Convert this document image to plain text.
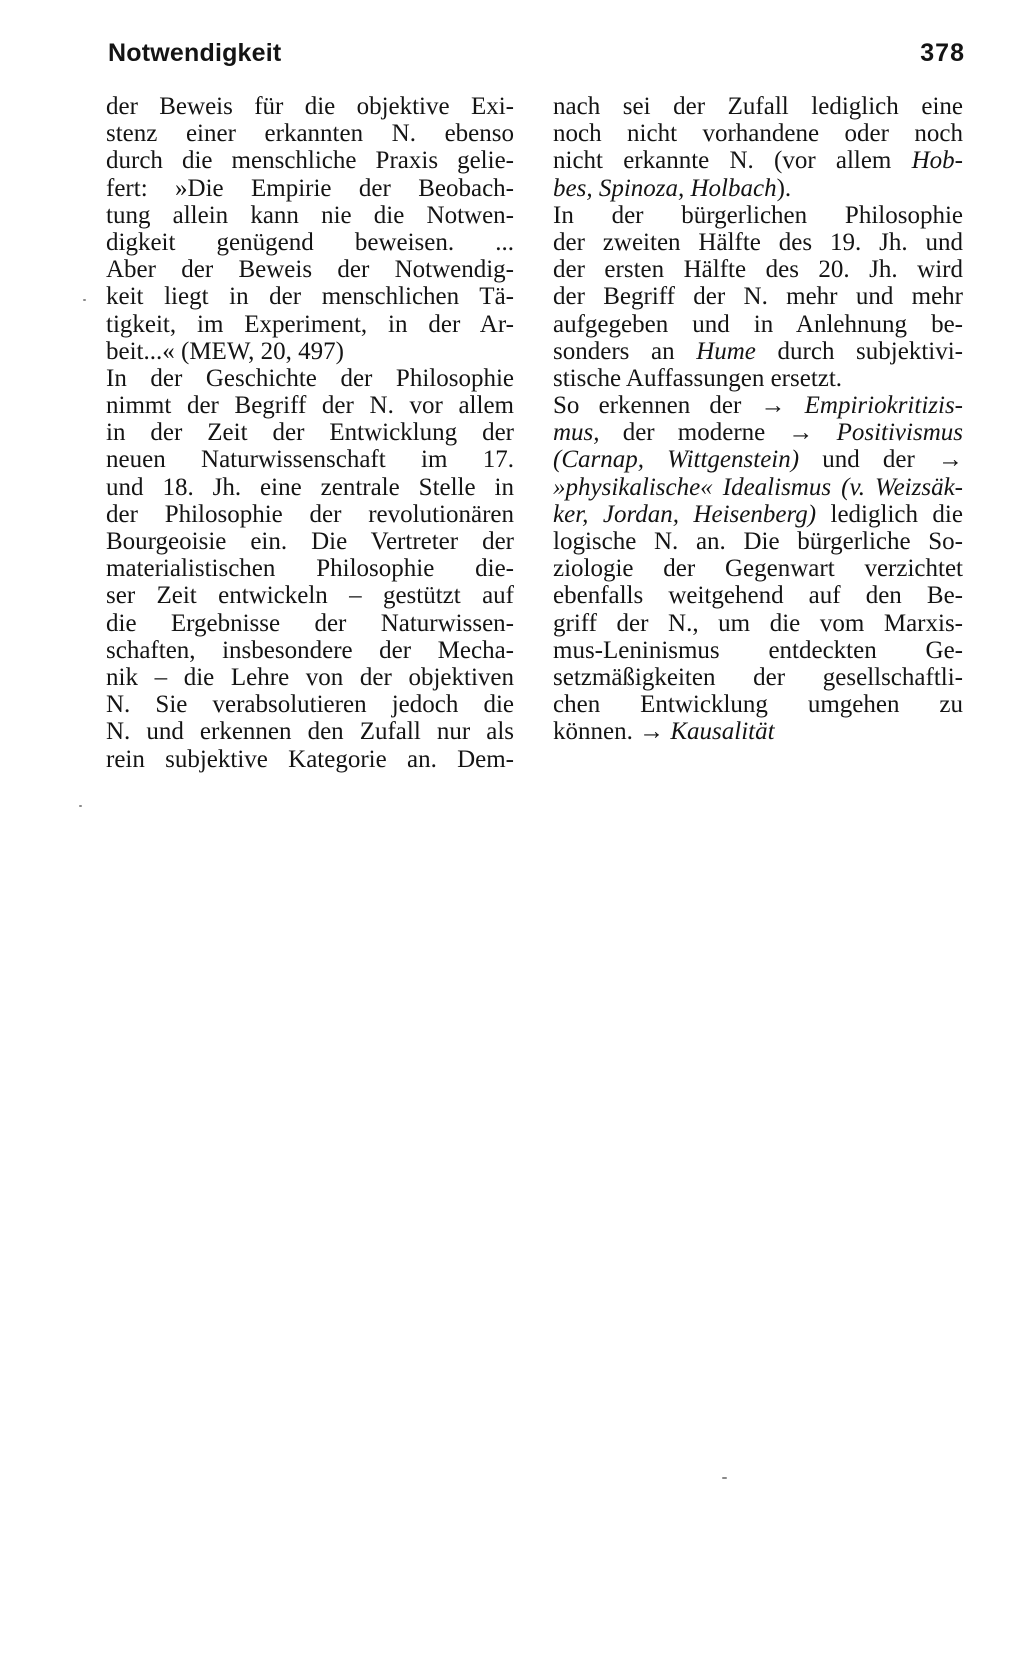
Notwendigkeit	378
der Beweis für die objektive Exi-
stenz einer erkannten N. ebenso
durch die menschliche Praxis gelie-
fert: »Die Empirie der Beobach-
tung allein kann nie die Notwen-
digkeit genügend beweisen. ...
Aber der Beweis der Notwendig-
keit liegt in der menschlichen Tä-
tigkeit, im Experiment, in der Ar-
beit...« (MEW, 20, 497)
In der Geschichte der Philosophie
nimmt der Begriff der N. vor allem
in der Zeit der Entwicklung der
neuen Naturwissenschaft im 17.
und 18. Jh. eine zentrale Stelle in
der Philosophie der revolutionären
Bourgeoisie ein. Die Vertreter der
materialistischen Philosophie die-
ser Zeit entwickeln – gestützt auf
die Ergebnisse der Naturwissen-
schaften, insbesondere der Mecha-
nik – die Lehre von der objektiven
N. Sie verabsolutieren jedoch die
N. und erkennen den Zufall nur als
rein subjektive Kategorie an. Dem-
nach sei der Zufall lediglich eine
noch nicht vorhandene oder noch
nicht erkannte N. (vor allem Hob-
bes, Spinoza, Holbach).
In der bürgerlichen Philosophie
der zweiten Hälfte des 19. Jh. und
der ersten Hälfte des 20. Jh. wird
der Begriff der N. mehr und mehr
aufgegeben und in Anlehnung be-
sonders an Hume durch subjektivi-
stische Auffassungen ersetzt.
So erkennen der → Empiriokritizis-
mus, der moderne → Positivismus
(Carnap, Wittgenstein) und der →
»physikalische« Idealismus (v. Weizsäk-
ker, Jordan, Heisenberg) lediglich die
logische N. an. Die bürgerliche So-
ziologie der Gegenwart verzichtet
ebenfalls weitgehend auf den Be-
griff der N., um die vom Marxis-
mus-Leninismus entdeckten Ge-
setzmäßigkeiten der gesellschaftli-
chen Entwicklung umgehen zu
können. → Kausalität
